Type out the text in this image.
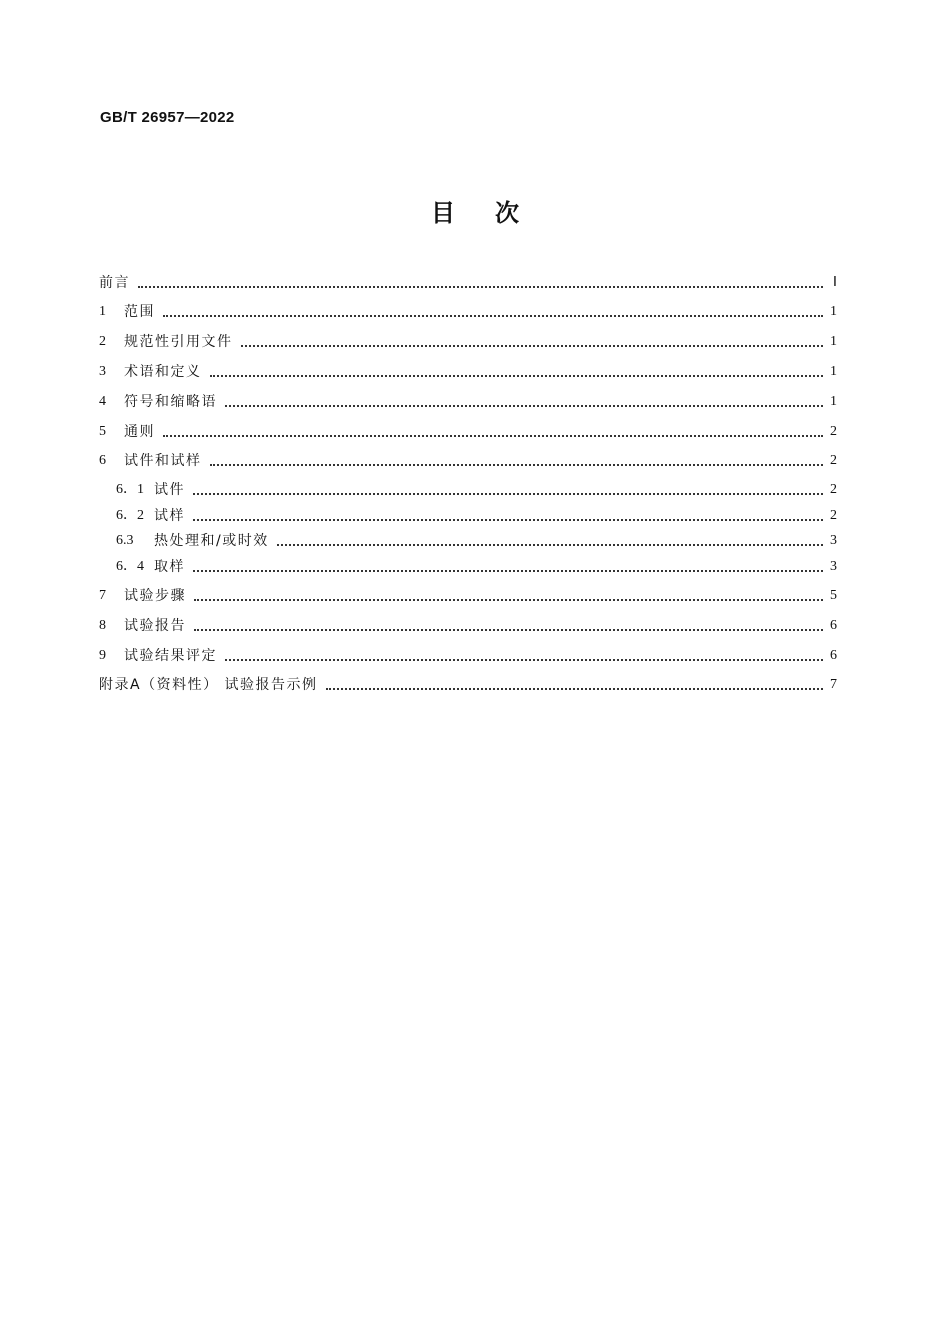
GB/T 26957—2022
目次
前言	Ⅰ
1	范围	1
2	规范性引用文件	1
3	术语和定义	1
4	符号和缩略语	1
5	通则	2
6	试件和试样	2
6．1 试件	2
6．2 试样	2
6.3	热处理和/或时效	3
6．4 取样	3
7	试验步骤	5
8	试验报告	6
9	试验结果评定	6
附录A（资料性） 试验报告示例	7
